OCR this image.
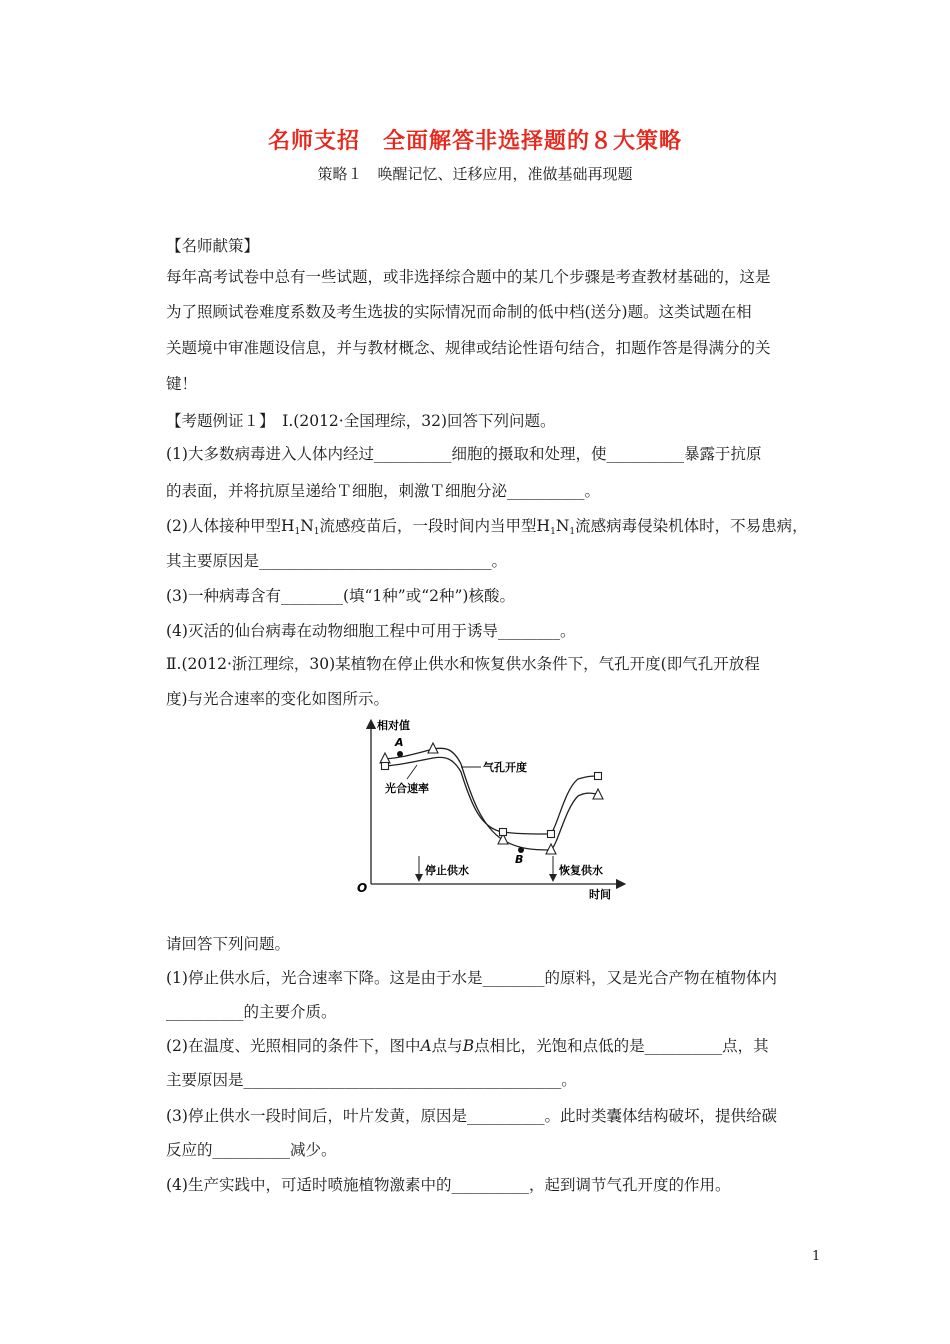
名师支招　全面解答非选择题的８大策略
策略１　唤醒记忆、迁移应用，准做基础再现题
【名师献策】
每年高考试卷中总有一些试题，或非选择综合题中的某几个步骤是考查教材基础的，这是
为了照顾试卷难度系数及考生选拔的实际情况而命制的低中档(送分)题。这类试题在相
关题境中审准题设信息，并与教材概念、规律或结论性语句结合，扣题作答是得满分的关
键！
【考题例证１】　Ⅰ.(2012·全国理综，32)回答下列问题。
(1)大多数病毒进入人体内经过__________细胞的摄取和处理，使__________暴露于抗原
的表面，并将抗原呈递给Ｔ细胞，刺激Ｔ细胞分泌__________。
(2)人体接种甲型$H_1N_1$流感疫苗后，一段时间内当甲型$H_1N_1$流感病毒侵染机体时，不易患病，
其主要原因是______________________________。
(3)一种病毒含有________(填“1种”或“2种”)核酸。
(4)灭活的仙台病毒在动物细胞工程中可用于诱导________。
Ⅱ.(2012·浙江理综，30)某植物在停止供水和恢复供水条件下，气孔开度(即气孔开放程
度)与光合速率的变化如图所示。
相对值
时间
O
A
B
气孔开度
光合速率
停止供水	恢复供水
请回答下列问题。
(1)停止供水后，光合速率下降。这是由于水是________的原料，又是光合产物在植物体内
__________的主要介质。
(2)在温度、光照相同的条件下，图中A点与B点相比，光饱和点低的是__________点，其
主要原因是_________________________________________。
(3)停止供水一段时间后，叶片发黄，原因是__________。此时类囊体结构破坏，提供给碳
反应的__________减少。
(4)生产实践中，可适时喷施植物激素中的__________，起到调节气孔开度的作用。
1
